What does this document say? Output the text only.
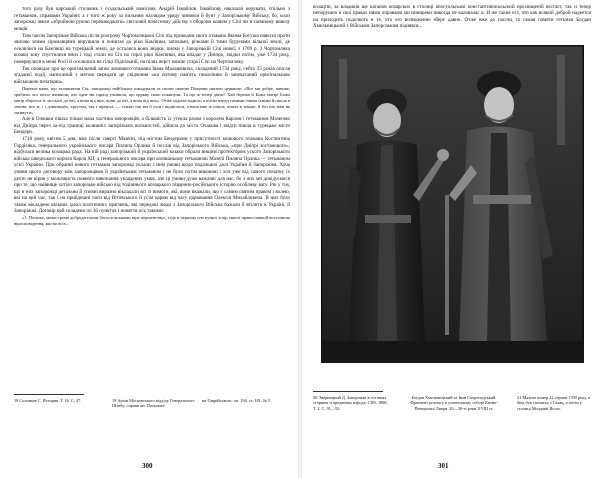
того разу був царський стольник і суздальський намісник Андрій Ізмайлов. Ізмайлову наказали керувати, спільно з гетьманом, справами України; а з того ж року за пильним наглядом уряду чинився й бунт у Запорізькому Війську, бо, коли запорожці звели «збройною рукою перешкоджати» світловій почесному дійству з оборони кошем у Січі чи в таємному вивозу мощів

Тим часом Запорізьке Військо після розгрому Чортомлицької Січі під проводом свого отамана Якима Богуша навесні проти звичаю злими сіроманцями вирушили в пониззя до ріки Кам'янки, затоками, річками й тими бурунами вільної землі, де оселилися на Кам'янці на турецькій землі, де осталися вони звідки, пилки у Запорізькій Січі нової; з 1709 р. 3 Чортомлика козаки зону спустилися вниз і тоді стали на Січ на гирлі ріки Кам'янки, яка впадає у Дніпро, звідки потім, уже 1734 року, повернулися в межі Росії й оселилися на гілці Підпільній, на пілях верст нижче старої Січі на Чортомлику.

Так оповідає про це оригінальний запис кошового отамана Івана Малашевича, складений 1734 року, себто 25 років опісля згаданої події, написаний з метою передати це свідчення «на потому пам'ять поколінню й запечатаний оригінальною військовою печаткою».

Переказ каже, що залишаючи Січ, запорожці найбільше шкодували за своєю святою Покрови святою церквою: «Все ми добре, панове, зробили, все незле вчинили, але одне ми гаразд учинили, що церкву свою покинули. Та що ж тепер діяти? Хай береже її Божа матір! Божа матір зберегла її: москалі до неї, а вона від них; вони до неї, а вона від них». Отже ходила-ходила, а потім перед самими очима їхніми й пішла в землю; все ж, і з дзвіницею, хрестом, так і пірнула, — тільки так ми її ліси і виднілося, а вона вже ж пішла, пішла в землю, й без нас нам не загинути».

Але в Олешки пішла тільки мала частина запорожців; а більшість їх утекла разом з королем Карлом і гетьманом Мазепою від Дніпра через за-під границі колишніх запорізьких вольностей, дійшла до міста Очакова і звідти пішла в турецьке місто Бендери.

1710 року, квітня 5 дня, вже після смерті Мазепи, під містом Бендерами у присутності кошового отамана Костянтина Гордієнка, генерального українського писаря Пилипа Орлика й послів від Запорізького Війська, «при Дніпрі зостающого», відбулася велика козацька рада. На ній раді запорізький й український козаки обрали вищим протектором усього Запорізького війська шведського короля Карла XII, а генерального писаря при колишньому гетьманові Мазепі Пилипа Орлика — гетьманом усієї України. При обранні нового гетьмана запорожці уклали з ним умови щодо подальшої долі України й Запоріжжя. Хоча умови цього договору між запорожцями й українським гетьманом і не були потім виконані і хоч уже від самого початку їх дехто не вірив у можливість повного виконання укладених умов, але ці умови дуже важливі для нас, бо з них ми довідуємося про те, що найвище хотіло запорізьке військо від тодішнього козацького південно-російського історію особливу вагу. Рік у тім, що в них запорожці детально й уповні виразно вікладали всі ті вимоги, які, вони вважали, що є самим святим правом і волею, які на цей час, так і на прийдешні часи від Вітовського й усім царям від часу царювання Олексія Михайловича. В них було також вікладено вільних ідеал політичних прагнень, які передові люди з Запорізького Війська бажали б втілити в Україні, й Запоріжжі. Договір цей складено по 16 пунктах і поняття ось такими:

«1. Понеже, межи трема добродітельми богословськими віра першенствує, тедь в першом сем пункті в вір святої православной восточною віросповідення, яко во всіх...

18 Соловьев С. История. Т. 16. С. 37.	19 Архів Московського відділу Генерального Штабу; справи кн. Потьомкі-
на-Таврійського, оп. 194, ст. 181, № 5.
300
козацтві, за владиків ще каганов козарских в столиці апостольської константинопольской просвіщеній вєстаєт, так и тепер непорушно в свої правах ними оправами ми ниниреки никогда не каловалас я. И же такие ест, что как всякий доброй надеется на приходить подолкоть в те, что его возможение зберє давно. Отже вже до паслед та самая памяти гетьман Богдан Хмельницький з Військом Запорозьким піднявся...
20 Эварницкий Д. Запорожье в остатках старины и преданиях народа. СПб, 1888. Т. 2. С. 91—92.
Богдан Хмельницький та Іван Скоропадський. Фрагмент розпису в успенському соборі Києво-Печерської Лаври. 20—30-ті роки XVIII ст.
21 Мазепа помер 22 серпня 1709 року, в бюд був спочатку з Галац, а потім у столиці Молдавії Яссах.
301
